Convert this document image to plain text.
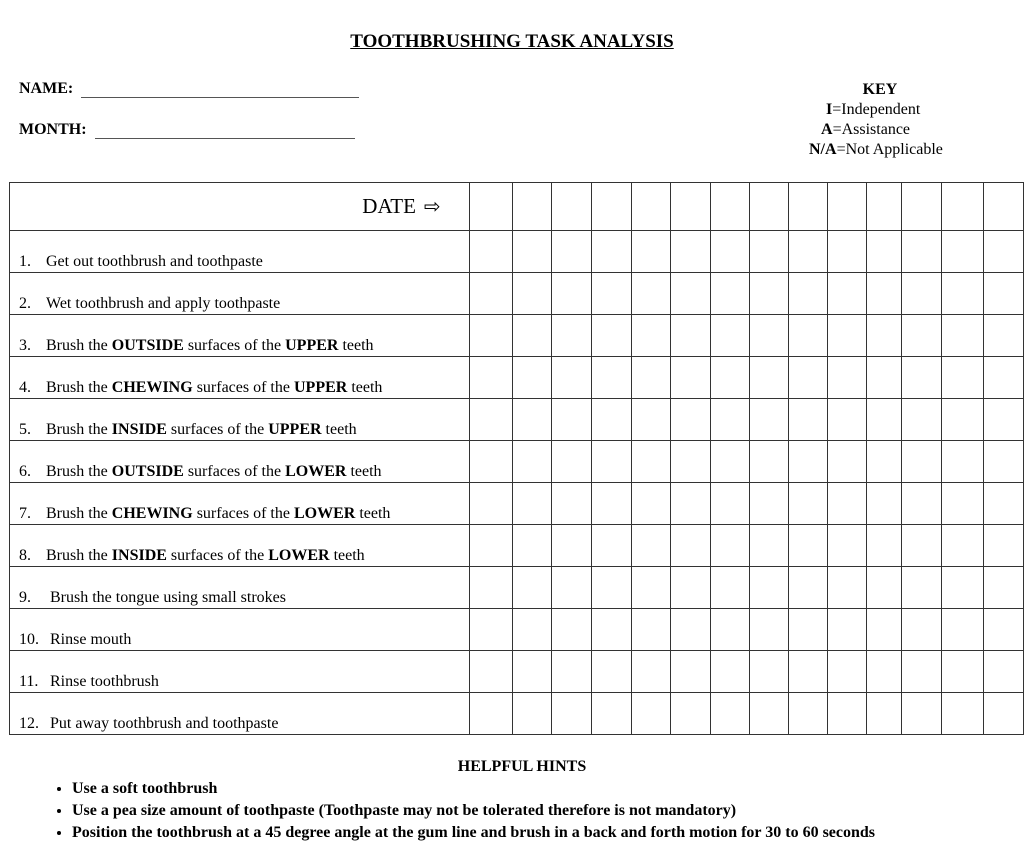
TOOTHBRUSHING TASK ANALYSIS
NAME:
MONTH:
KEY
I=Independent
A=Assistance
N/A=Not Applicable
DATE ⇨														

1. Get out toothbrush and toothpaste														

2. Wet toothbrush and apply toothpaste														

3. Brush the OUTSIDE surfaces of the UPPER teeth														

4. Brush the CHEWING surfaces of the UPPER teeth														

5. Brush the INSIDE surfaces of the UPPER teeth														

6. Brush the OUTSIDE surfaces of the LOWER teeth														

7. Brush the CHEWING surfaces of the LOWER teeth														

8. Brush the INSIDE surfaces of the LOWER teeth														

9. Brush the tongue using small strokes														

10. Rinse mouth														

11. Rinse toothbrush														

12. Put away toothbrush and toothpaste														

HELPFUL HINTS
• Use a soft toothbrush
• Use a pea size amount of toothpaste (Toothpaste may not be tolerated therefore is not mandatory)
• Position the toothbrush at a 45 degree angle at the gum line and brush in a back and forth motion for 30 to 60 seconds
